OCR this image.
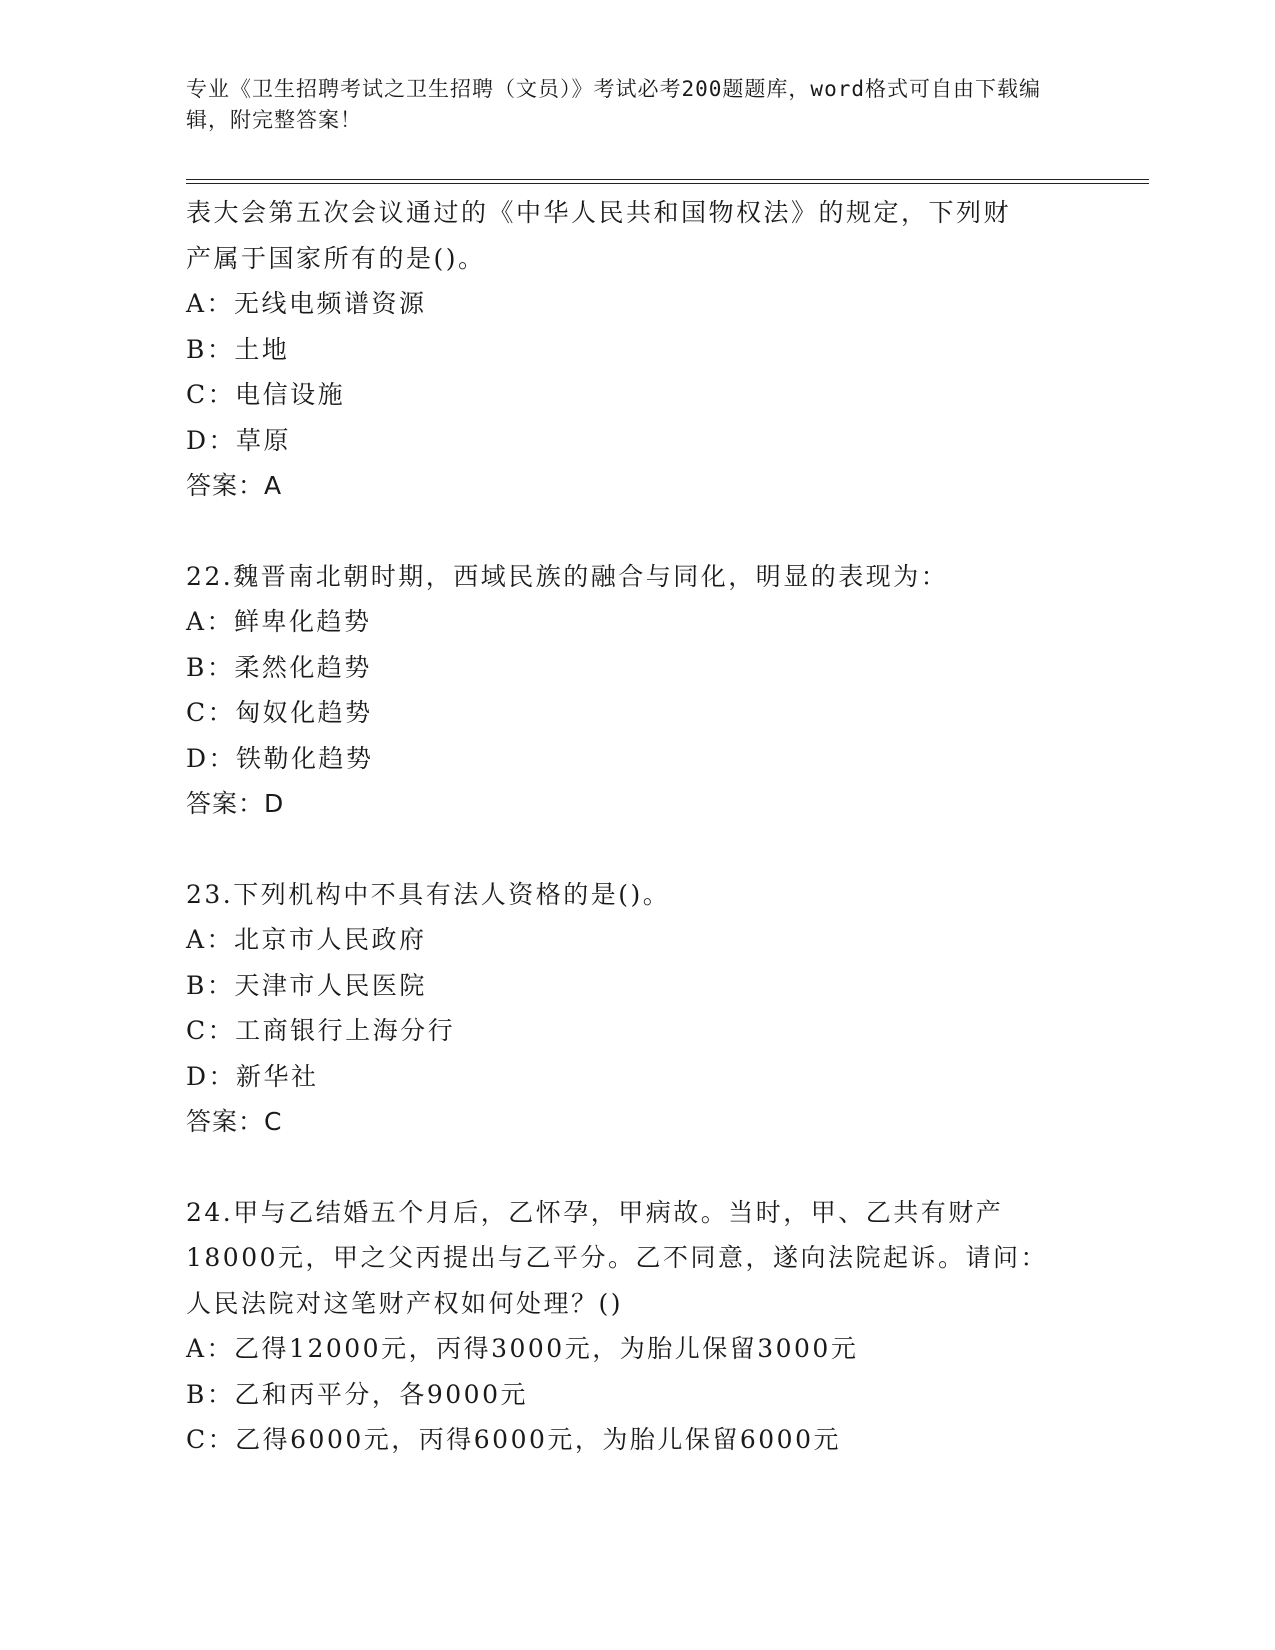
专业《卫生招聘考试之卫生招聘（文员）》考试必考200题题库，word格式可自由下载编辑，附完整答案！
表大会第五次会议通过的《中华人民共和国物权法》的规定，下列财
产属于国家所有的是()。
A：无线电频谱资源
B：土地
C：电信设施
D：草原
答案：A
22.魏晋南北朝时期，西域民族的融合与同化，明显的表现为：
A：鲜卑化趋势
B：柔然化趋势
C：匈奴化趋势
D：铁勒化趋势
答案：D
23.下列机构中不具有法人资格的是()。
A：北京市人民政府
B：天津市人民医院
C：工商银行上海分行
D：新华社
答案：C
24.甲与乙结婚五个月后，乙怀孕，甲病故。当时，甲、乙共有财产
18000元，甲之父丙提出与乙平分。乙不同意，遂向法院起诉。请问：
人民法院对这笔财产权如何处理？()
A：乙得12000元，丙得3000元，为胎儿保留3000元
B：乙和丙平分，各9000元
C：乙得6000元，丙得6000元，为胎儿保留6000元
